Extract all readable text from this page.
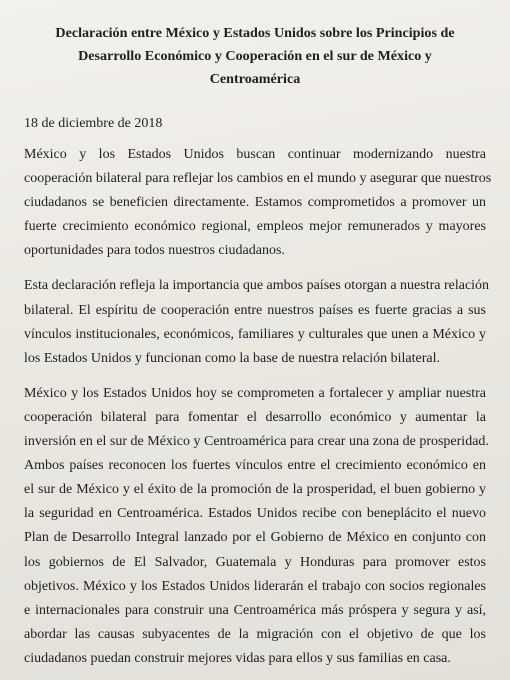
Declaración entre México y Estados Unidos sobre los Principios de
Desarrollo Económico y Cooperación en el sur de México y
Centroamérica

18 de diciembre de 2018

México y los Estados Unidos buscan continuar modernizando nuestra
cooperación bilateral para reflejar los cambios en el mundo y asegurar que nuestros
ciudadanos se beneficien directamente. Estamos comprometidos a promover un
fuerte crecimiento económico regional, empleos mejor remunerados y mayores
oportunidades para todos nuestros ciudadanos.
Esta declaración refleja la importancia que ambos países otorgan a nuestra relación
bilateral. El espíritu de cooperación entre nuestros países es fuerte gracias a sus
vínculos institucionales, económicos, familiares y culturales que unen a México y
los Estados Unidos y funcionan como la base de nuestra relación bilateral.
México y los Estados Unidos hoy se comprometen a fortalecer y ampliar nuestra
cooperación bilateral para fomentar el desarrollo económico y aumentar la
inversión en el sur de México y Centroamérica para crear una zona de prosperidad.
Ambos países reconocen los fuertes vínculos entre el crecimiento económico en
el sur de México y el éxito de la promoción de la prosperidad, el buen gobierno y
la seguridad en Centroamérica. Estados Unidos recibe con beneplácito el nuevo
Plan de Desarrollo Integral lanzado por el Gobierno de México en conjunto con
los gobiernos de El Salvador, Guatemala y Honduras para promover estos
objetivos. México y los Estados Unidos liderarán el trabajo con socios regionales
e internacionales para construir una Centroamérica más próspera y segura y así,
abordar las causas subyacentes de la migración con el objetivo de que los
ciudadanos puedan construir mejores vidas para ellos y sus familias en casa.
